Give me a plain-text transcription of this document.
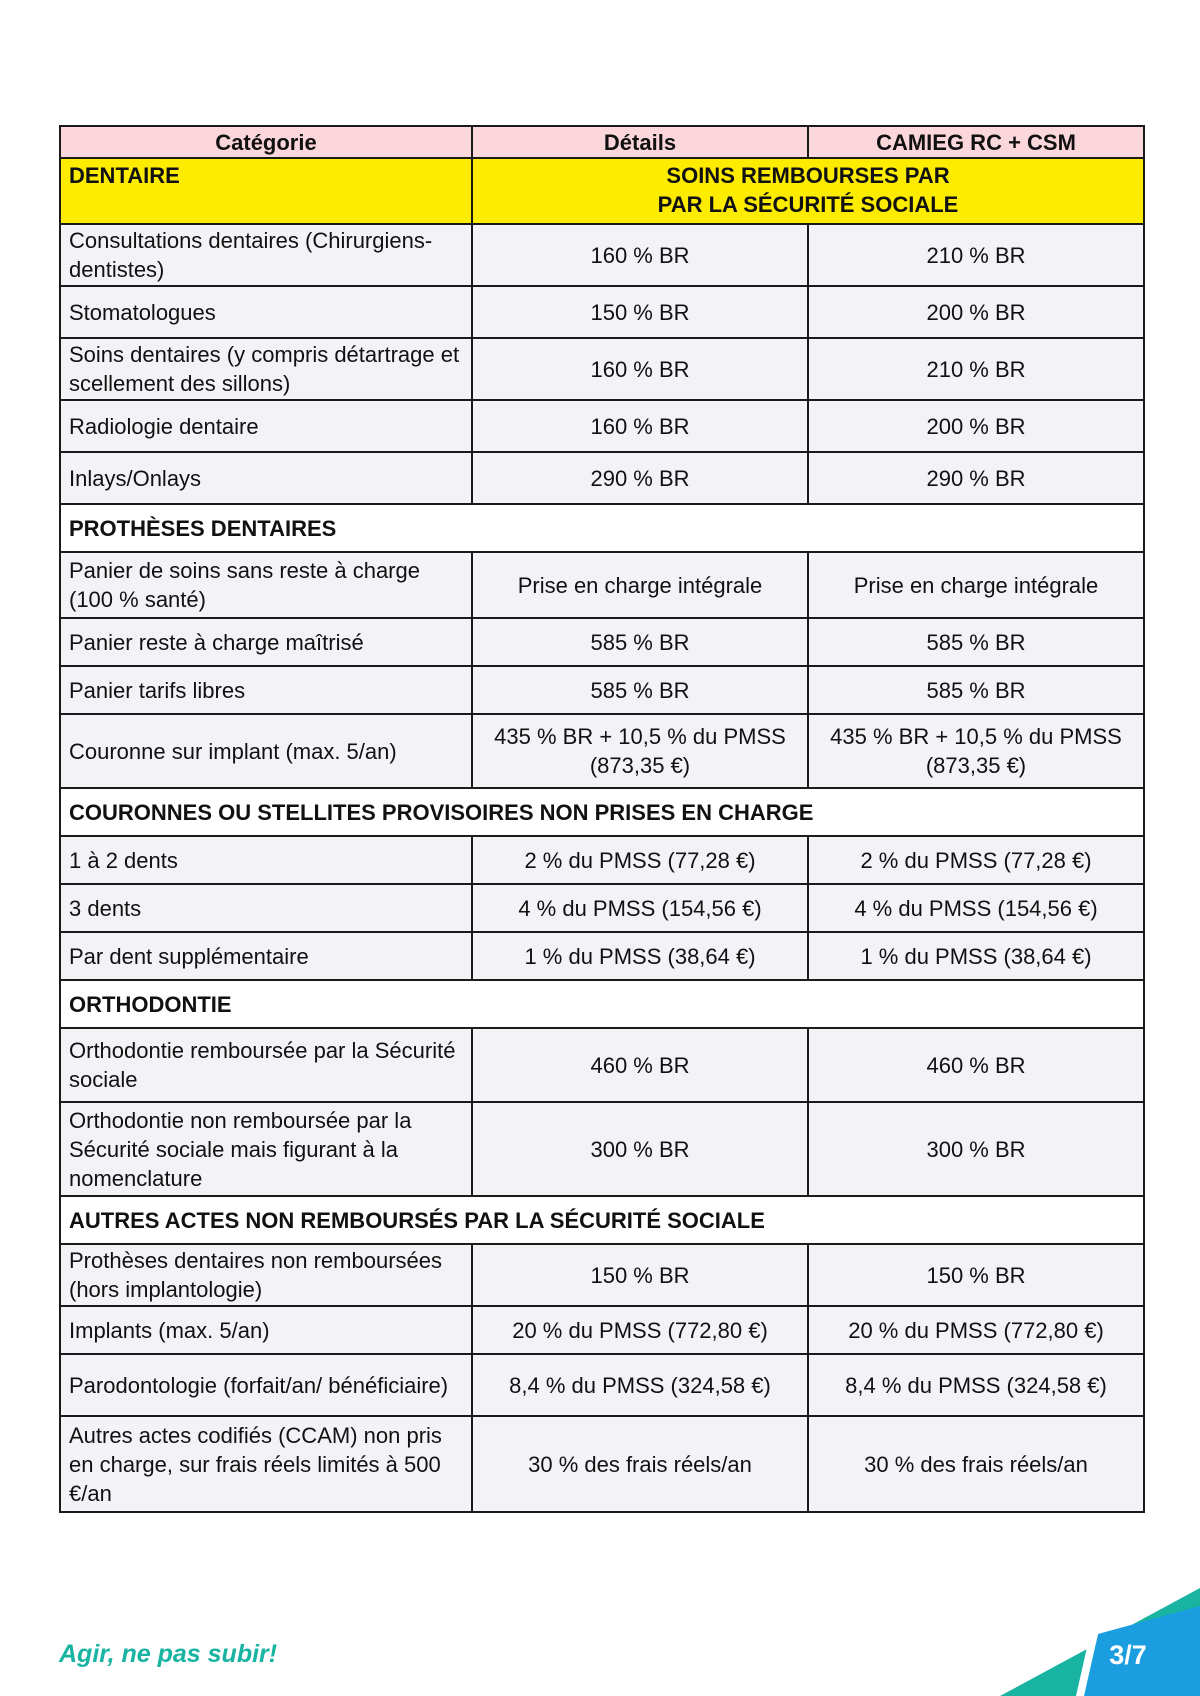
Catégorie	Détails	CAMIEG RC + CSM
DENTAIRE	SOINS REMBOURSES PAR
PAR LA SÉCURITÉ SOCIALE	
Consultations dentaires (Chirurgiens-dentistes)	160 % BR	210 % BR
Stomatologues	150 % BR	200 % BR
Soins dentaires (y compris détartrage et scellement des sillons)	160 % BR	210 % BR
Radiologie dentaire	160 % BR	200 % BR
Inlays/Onlays	290 % BR	290 % BR
PROTHÈSES DENTAIRES		
Panier de soins sans reste à charge (100 % santé)	Prise en charge intégrale	Prise en charge intégrale
Panier reste à charge maîtrisé	585 % BR	585 % BR
Panier tarifs libres	585 % BR	585 % BR
Couronne sur implant (max. 5/an)	435 % BR + 10,5 % du PMSS (873,35 €)	435 % BR + 10,5 % du PMSS (873,35 €)
COURONNES OU STELLITES PROVISOIRES NON PRISES EN CHARGE		
1 à 2 dents	2 % du PMSS (77,28 €)	2 % du PMSS (77,28 €)
3 dents	4 % du PMSS (154,56 €)	4 % du PMSS (154,56 €)
Par dent supplémentaire	1 % du PMSS (38,64 €)	1 % du PMSS (38,64 €)
ORTHODONTIE		
Orthodontie remboursée par la Sécurité sociale	460 % BR	460 % BR
Orthodontie non remboursée par la Sécurité sociale mais figurant à la nomenclature	300 % BR	300 % BR
AUTRES ACTES NON REMBOURSÉS PAR LA SÉCURITÉ SOCIALE		
Prothèses dentaires non remboursées (hors implantologie)	150 % BR	150 % BR
Implants (max. 5/an)	20 % du PMSS (772,80 €)	20 % du PMSS (772,80 €)
Parodontologie (forfait/an/ bénéficiaire)	8,4 % du PMSS (324,58 €)	8,4 % du PMSS (324,58 €)
Autres actes codifiés (CCAM) non pris en charge, sur frais réels limités à 500 €/an	30 % des frais réels/an	30 % des frais réels/an
Agir, ne pas subir!	3/7
